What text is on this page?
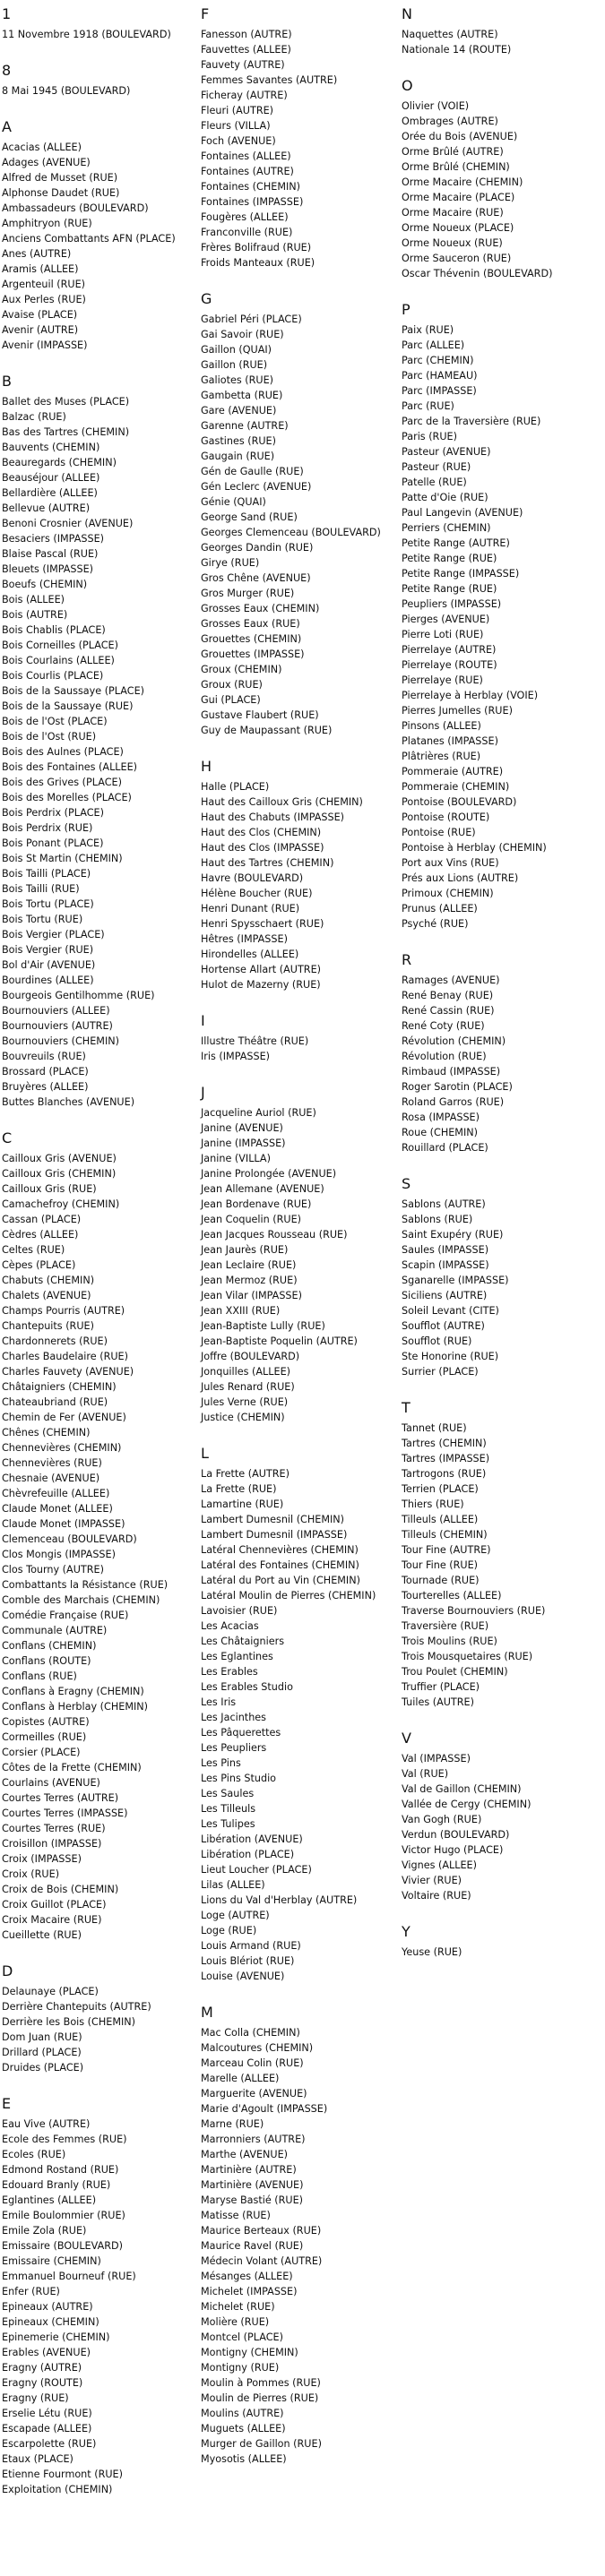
1
11 Novembre 1918 (BOULEVARD)
8
8 Mai 1945 (BOULEVARD)
A
Acacias (ALLEE)
Adages (AVENUE)
Alfred de Musset (RUE)
Alphonse Daudet (RUE)
Ambassadeurs (BOULEVARD)
Amphitryon (RUE)
Anciens Combattants AFN (PLACE)
Anes (AUTRE)
Aramis (ALLEE)
Argenteuil (RUE)
Aux Perles (RUE)
Avaise (PLACE)
Avenir (AUTRE)
Avenir (IMPASSE)
B
Ballet des Muses (PLACE)
Balzac (RUE)
Bas des Tartres (CHEMIN)
Bauvents (CHEMIN)
Beauregards (CHEMIN)
Beauséjour (ALLEE)
Bellardière (ALLEE)
Bellevue (AUTRE)
Benoni Crosnier (AVENUE)
Besaciers (IMPASSE)
Blaise Pascal (RUE)
Bleuets (IMPASSE)
Boeufs (CHEMIN)
Bois (ALLEE)
Bois (AUTRE)
Bois Chablis (PLACE)
Bois Corneilles (PLACE)
Bois Courlains (ALLEE)
Bois Courlis (PLACE)
Bois de la Saussaye (PLACE)
Bois de la Saussaye (RUE)
Bois de l'Ost (PLACE)
Bois de l'Ost (RUE)
Bois des Aulnes (PLACE)
Bois des Fontaines (ALLEE)
Bois des Grives (PLACE)
Bois des Morelles (PLACE)
Bois Perdrix (PLACE)
Bois Perdrix (RUE)
Bois Ponant (PLACE)
Bois St Martin (CHEMIN)
Bois Tailli (PLACE)
Bois Tailli (RUE)
Bois Tortu (PLACE)
Bois Tortu (RUE)
Bois Vergier (PLACE)
Bois Vergier (RUE)
Bol d'Air (AVENUE)
Bourdines (ALLEE)
Bourgeois Gentilhomme (RUE)
Bournouviers (ALLEE)
Bournouviers (AUTRE)
Bournouviers (CHEMIN)
Bouvreuils (RUE)
Brossard (PLACE)
Bruyères (ALLEE)
Buttes Blanches (AVENUE)
C
Cailloux Gris (AVENUE)
Cailloux Gris (CHEMIN)
Cailloux Gris (RUE)
Camachefroy (CHEMIN)
Cassan (PLACE)
Cèdres (ALLEE)
Celtes (RUE)
Cèpes (PLACE)
Chabuts (CHEMIN)
Chalets (AVENUE)
Champs Pourris (AUTRE)
Chantepuits (RUE)
Chardonnerets (RUE)
Charles Baudelaire (RUE)
Charles Fauvety (AVENUE)
Châtaigniers (CHEMIN)
Chateaubriand (RUE)
Chemin de Fer (AVENUE)
Chênes (CHEMIN)
Chennevières (CHEMIN)
Chennevières (RUE)
Chesnaie (AVENUE)
Chèvrefeuille (ALLEE)
Claude Monet (ALLEE)
Claude Monet (IMPASSE)
Clemenceau (BOULEVARD)
Clos Mongis (IMPASSE)
Clos Tourny (AUTRE)
Combattants la Résistance (RUE)
Comble des Marchais (CHEMIN)
Comédie Française (RUE)
Communale (AUTRE)
Conflans (CHEMIN)
Conflans (ROUTE)
Conflans (RUE)
Conflans à Eragny (CHEMIN)
Conflans à Herblay (CHEMIN)
Copistes (AUTRE)
Cormeilles (RUE)
Corsier (PLACE)
Côtes de la Frette (CHEMIN)
Courlains (AVENUE)
Courtes Terres (AUTRE)
Courtes Terres (IMPASSE)
Courtes Terres (RUE)
Croisillon (IMPASSE)
Croix (IMPASSE)
Croix (RUE)
Croix de Bois (CHEMIN)
Croix Guillot (PLACE)
Croix Macaire (RUE)
Cueillette (RUE)
D
Delaunaye (PLACE)
Derrière Chantepuits (AUTRE)
Derrière les Bois (CHEMIN)
Dom Juan (RUE)
Drillard (PLACE)
Druides (PLACE)
E
Eau Vive (AUTRE)
Ecole des Femmes (RUE)
Ecoles (RUE)
Edmond Rostand (RUE)
Edouard Branly (RUE)
Eglantines (ALLEE)
Emile Boulommier (RUE)
Emile Zola (RUE)
Emissaire (BOULEVARD)
Emissaire (CHEMIN)
Emmanuel Bourneuf (RUE)
Enfer (RUE)
Epineaux (AUTRE)
Epineaux (CHEMIN)
Epinemerie (CHEMIN)
Erables (AVENUE)
Eragny (AUTRE)
Eragny (ROUTE)
Eragny (RUE)
Erselie Létu (RUE)
Escapade (ALLEE)
Escarpolette (RUE)
Etaux (PLACE)
Etienne Fourmont (RUE)
Exploitation (CHEMIN)
F
Fanesson (AUTRE)
Fauvettes (ALLEE)
Fauvety (AUTRE)
Femmes Savantes (AUTRE)
Ficheray (AUTRE)
Fleuri (AUTRE)
Fleurs (VILLA)
Foch (AVENUE)
Fontaines (ALLEE)
Fontaines (AUTRE)
Fontaines (CHEMIN)
Fontaines (IMPASSE)
Fougères (ALLEE)
Franconville (RUE)
Frères Bolifraud (RUE)
Froids Manteaux (RUE)
G
Gabriel Péri (PLACE)
Gai Savoir (RUE)
Gaillon (QUAI)
Gaillon (RUE)
Galiotes (RUE)
Gambetta (RUE)
Gare (AVENUE)
Garenne (AUTRE)
Gastines (RUE)
Gaugain (RUE)
Gén de Gaulle (RUE)
Gén Leclerc (AVENUE)
Génie (QUAI)
George Sand (RUE)
Georges Clemenceau (BOULEVARD)
Georges Dandin (RUE)
Girye (RUE)
Gros Chêne (AVENUE)
Gros Murger (RUE)
Grosses Eaux (CHEMIN)
Grosses Eaux (RUE)
Grouettes (CHEMIN)
Grouettes (IMPASSE)
Groux (CHEMIN)
Groux (RUE)
Gui (PLACE)
Gustave Flaubert (RUE)
Guy de Maupassant (RUE)
H
Halle (PLACE)
Haut des Cailloux Gris (CHEMIN)
Haut des Chabuts (IMPASSE)
Haut des Clos (CHEMIN)
Haut des Clos (IMPASSE)
Haut des Tartres (CHEMIN)
Havre (BOULEVARD)
Hélène Boucher (RUE)
Henri Dunant (RUE)
Henri Spysschaert (RUE)
Hêtres (IMPASSE)
Hirondelles (ALLEE)
Hortense Allart (AUTRE)
Hulot de Mazerny (RUE)
I
Illustre Théâtre (RUE)
Iris (IMPASSE)
J
Jacqueline Auriol (RUE)
Janine (AVENUE)
Janine (IMPASSE)
Janine (VILLA)
Janine Prolongée (AVENUE)
Jean Allemane (AVENUE)
Jean Bordenave (RUE)
Jean Coquelin (RUE)
Jean Jacques Rousseau (RUE)
Jean Jaurès (RUE)
Jean Leclaire (RUE)
Jean Mermoz (RUE)
Jean Vilar (IMPASSE)
Jean XXIII (RUE)
Jean-Baptiste Lully (RUE)
Jean-Baptiste Poquelin (AUTRE)
Joffre (BOULEVARD)
Jonquilles (ALLEE)
Jules Renard (RUE)
Jules Verne (RUE)
Justice (CHEMIN)
L
La Frette (AUTRE)
La Frette (RUE)
Lamartine (RUE)
Lambert Dumesnil (CHEMIN)
Lambert Dumesnil (IMPASSE)
Latéral Chennevières (CHEMIN)
Latéral des Fontaines (CHEMIN)
Latéral du Port au Vin (CHEMIN)
Latéral Moulin de Pierres (CHEMIN)
Lavoisier (RUE)
Les Acacias
Les Châtaigniers
Les Eglantines
Les Erables
Les Erables Studio
Les Iris
Les Jacinthes
Les Pâquerettes
Les Peupliers
Les Pins
Les Pins Studio
Les Saules
Les Tilleuls
Les Tulipes
Libération (AVENUE)
Libération (PLACE)
Lieut Loucher (PLACE)
Lilas (ALLEE)
Lions du Val d'Herblay (AUTRE)
Loge (AUTRE)
Loge (RUE)
Louis Armand (RUE)
Louis Blériot (RUE)
Louise (AVENUE)
M
Mac Colla (CHEMIN)
Malcoutures (CHEMIN)
Marceau Colin (RUE)
Marelle (ALLEE)
Marguerite (AVENUE)
Marie d'Agoult (IMPASSE)
Marne (RUE)
Marronniers (AUTRE)
Marthe (AVENUE)
Martinière (AUTRE)
Martinière (AVENUE)
Maryse Bastié (RUE)
Matisse (RUE)
Maurice Berteaux (RUE)
Maurice Ravel (RUE)
Médecin Volant (AUTRE)
Mésanges (ALLEE)
Michelet (IMPASSE)
Michelet (RUE)
Molière (RUE)
Montcel (PLACE)
Montigny (CHEMIN)
Montigny (RUE)
Moulin à Pommes (RUE)
Moulin de Pierres (RUE)
Moulins (AUTRE)
Muguets (ALLEE)
Murger de Gaillon (RUE)
Myosotis (ALLEE)
N
Naquettes (AUTRE)
Nationale 14 (ROUTE)
O
Olivier (VOIE)
Ombrages (AUTRE)
Orée du Bois (AVENUE)
Orme Brûlé (AUTRE)
Orme Brûlé (CHEMIN)
Orme Macaire (CHEMIN)
Orme Macaire (PLACE)
Orme Macaire (RUE)
Orme Noueux (PLACE)
Orme Noueux (RUE)
Orme Sauceron (RUE)
Oscar Thévenin (BOULEVARD)
P
Paix (RUE)
Parc (ALLEE)
Parc (CHEMIN)
Parc (HAMEAU)
Parc (IMPASSE)
Parc (RUE)
Parc de la Traversière (RUE)
Paris (RUE)
Pasteur (AVENUE)
Pasteur (RUE)
Patelle (RUE)
Patte d'Oie (RUE)
Paul Langevin (AVENUE)
Perriers (CHEMIN)
Petite Range (AUTRE)
Petite Range (RUE)
Petite Range (IMPASSE)
Petite Range (RUE)
Peupliers (IMPASSE)
Pierges (AVENUE)
Pierre Loti (RUE)
Pierrelaye (AUTRE)
Pierrelaye (ROUTE)
Pierrelaye (RUE)
Pierrelaye à Herblay (VOIE)
Pierres Jumelles (RUE)
Pinsons (ALLEE)
Platanes (IMPASSE)
Plâtrières (RUE)
Pommeraie (AUTRE)
Pommeraie (CHEMIN)
Pontoise (BOULEVARD)
Pontoise (ROUTE)
Pontoise (RUE)
Pontoise à Herblay (CHEMIN)
Port aux Vins (RUE)
Prés aux Lions (AUTRE)
Primoux (CHEMIN)
Prunus (ALLEE)
Psyché (RUE)
R
Ramages (AVENUE)
René Benay (RUE)
René Cassin (RUE)
René Coty (RUE)
Révolution (CHEMIN)
Révolution (RUE)
Rimbaud (IMPASSE)
Roger Sarotin (PLACE)
Roland Garros (RUE)
Rosa (IMPASSE)
Roue (CHEMIN)
Rouillard (PLACE)
S
Sablons (AUTRE)
Sablons (RUE)
Saint Exupéry (RUE)
Saules (IMPASSE)
Scapin (IMPASSE)
Sganarelle (IMPASSE)
Siciliens (AUTRE)
Soleil Levant (CITE)
Soufflot (AUTRE)
Soufflot (RUE)
Ste Honorine (RUE)
Surrier (PLACE)
T
Tannet (RUE)
Tartres (CHEMIN)
Tartres (IMPASSE)
Tartrogons (RUE)
Terrien (PLACE)
Thiers (RUE)
Tilleuls (ALLEE)
Tilleuls (CHEMIN)
Tour Fine (AUTRE)
Tour Fine (RUE)
Tournade (RUE)
Tourterelles (ALLEE)
Traverse Bournouviers (RUE)
Traversière (RUE)
Trois Moulins (RUE)
Trois Mousquetaires (RUE)
Trou Poulet (CHEMIN)
Truffier (PLACE)
Tuiles (AUTRE)
V
Val (IMPASSE)
Val (RUE)
Val de Gaillon (CHEMIN)
Vallée de Cergy (CHEMIN)
Van Gogh (RUE)
Verdun (BOULEVARD)
Victor Hugo (PLACE)
Vignes (ALLEE)
Vivier (RUE)
Voltaire (RUE)
Y
Yeuse (RUE)
